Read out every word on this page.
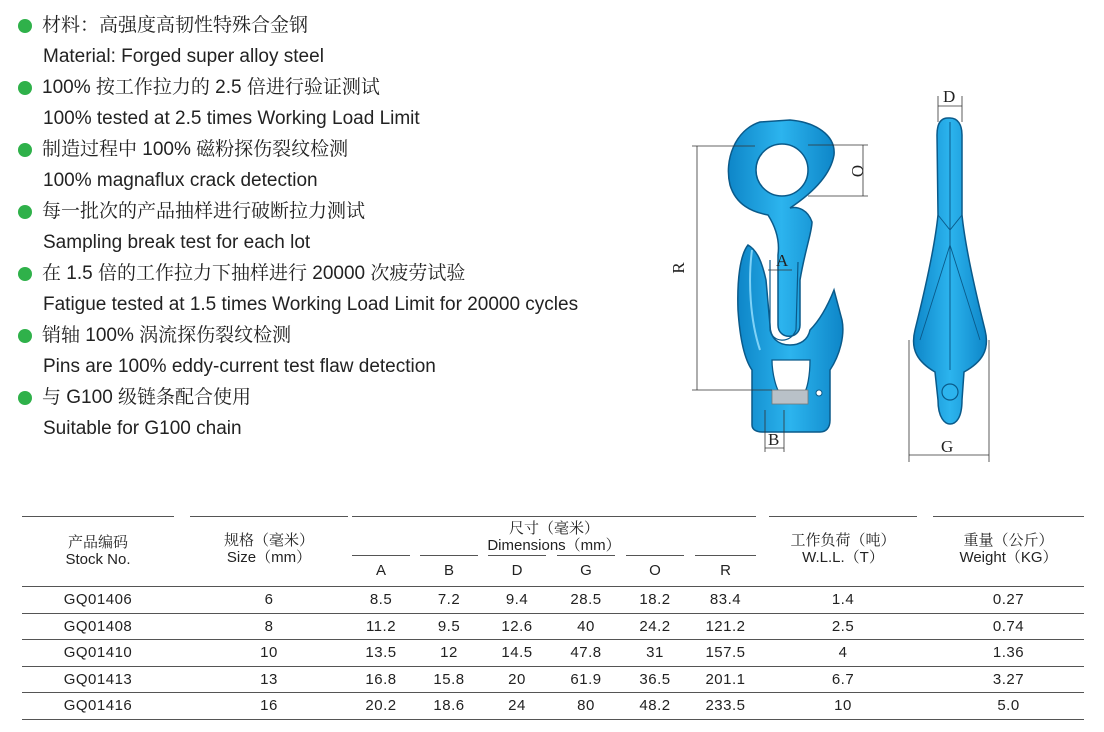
材料：高强度高韧性特殊合金钢
Material: Forged super alloy steel
100% 按工作拉力的 2.5 倍进行验证测试
100% tested at 2.5 times Working Load Limit
制造过程中 100% 磁粉探伤裂纹检测
100% magnaflux crack detection
每一批次的产品抽样进行破断拉力测试
Sampling break test for each lot
在 1.5 倍的工作拉力下抽样进行 20000 次疲劳试验
Fatigue tested at 1.5 times Working Load Limit for 20000 cycles
销轴 100% 涡流探伤裂纹检测
Pins are 100% eddy-current test flaw detection
与 G100 级链条配合使用
Suitable for G100 chain
R
O
A
B
D
G
产品编码
Stock No.
规格（毫米）
Size（mm）
尺寸（毫米）
Dimensions（mm）
A	B	D	G	O	R
工作负荷（吨）
W.L.L.（T）
重量（公斤）
Weight（KG）
GQ01406	6	8.5	7.2	9.4	28.5	18.2	83.4	1.4	0.27
GQ01408	8	11.2	9.5	12.6	40	24.2	121.2	2.5	0.74
GQ01410	10	13.5	12	14.5	47.8	31	157.5	4	1.36
GQ01413	13	16.8	15.8	20	61.9	36.5	201.1	6.7	3.27
GQ01416	16	20.2	18.6	24	80	48.2	233.5	10	5.0
